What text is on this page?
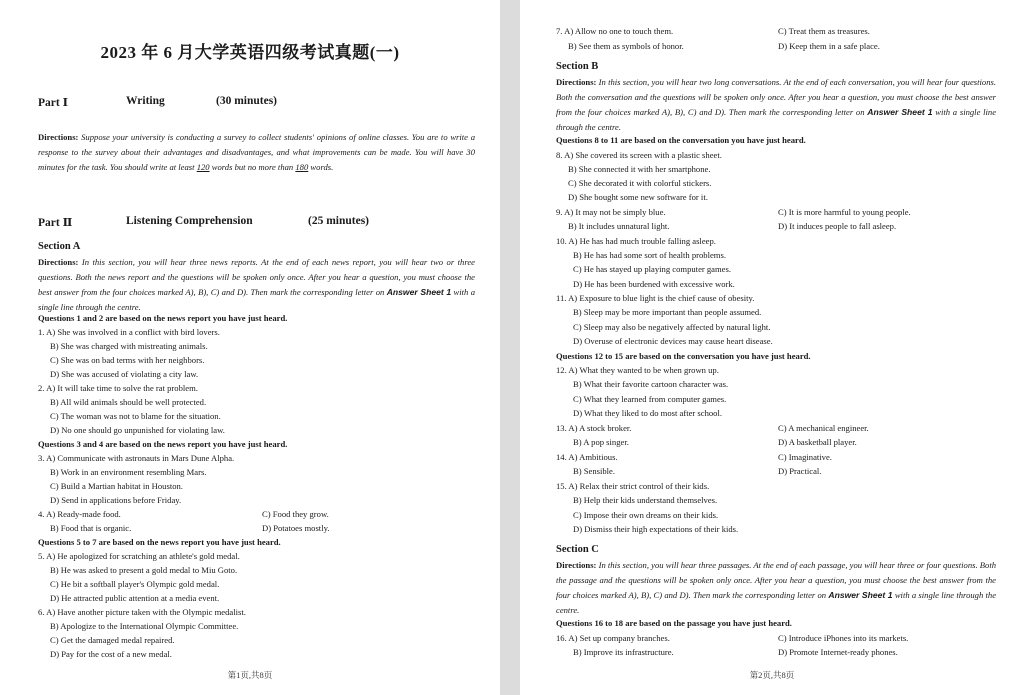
2023 年 6 月大学英语四级考试真题(一)
Part Ⅰ	Writing	(30 minutes)
Directions: Suppose your university is conducting a survey to collect students' opinions of online classes. You are to write a response to the survey about their advantages and disadvantages, and what improvements can be made. You will have 30 minutes for the task. You should write at least 120 words but no more than 180 words.
Part Ⅱ	Listening Comprehension	(25 minutes)
Section A
Directions: In this section, you will hear three news reports. At the end of each news report, you will hear two or three questions. Both the news report and the questions will be spoken only once. After you hear a question, you must choose the best answer from the four choices marked A), B), C) and D). Then mark the corresponding letter on Answer Sheet 1 with a single line through the centre.
Questions 1 and 2 are based on the news report you have just heard.
1. A) She was involved in a conflict with bird lovers.
B) She was charged with mistreating animals.
C) She was on bad terms with her neighbors.
D) She was accused of violating a city law.
2. A) It will take time to solve the rat problem.
B) All wild animals should be well protected.
C) The woman was not to blame for the situation.
D) No one should go unpunished for violating law.
Questions 3 and 4 are based on the news report you have just heard.
3. A) Communicate with astronauts in Mars Dune Alpha.
B) Work in an environment resembling Mars.
C) Build a Martian habitat in Houston.
D) Send in applications before Friday.
4. A) Ready-made food.	C) Food they grow.
B) Food that is organic.	D) Potatoes mostly.
Questions 5 to 7 are based on the news report you have just heard.
5. A) He apologized for scratching an athlete's gold medal.
B) He was asked to present a gold medal to Miu Goto.
C) He bit a softball player's Olympic gold medal.
D) He attracted public attention at a media event.
6. A) Have another picture taken with the Olympic medalist.
B) Apologize to the International Olympic Committee.
C) Get the damaged medal repaired.
D) Pay for the cost of a new medal.
第1页,共8页
7. A) Allow no one to touch them.	C) Treat them as treasures.
B) See them as symbols of honor.	D) Keep them in a safe place.
Section B
Directions: In this section, you will hear two long conversations. At the end of each conversation, you will hear four questions. Both the conversation and the questions will be spoken only once. After you hear a question, you must choose the best answer from the four choices marked A), B), C) and D). Then mark the corresponding letter on Answer Sheet 1 with a single line through the centre.
Questions 8 to 11 are based on the conversation you have just heard.
8. A) She covered its screen with a plastic sheet.
B) She connected it with her smartphone.
C) She decorated it with colorful stickers.
D) She bought some new software for it.
9. A) It may not be simply blue.	C) It is more harmful to young people.
B) It includes unnatural light.	D) It induces people to fall asleep.
10. A) He has had much trouble falling asleep.
B) He has had some sort of health problems.
C) He has stayed up playing computer games.
D) He has been burdened with excessive work.
11. A) Exposure to blue light is the chief cause of obesity.
B) Sleep may be more important than people assumed.
C) Sleep may also be negatively affected by natural light.
D) Overuse of electronic devices may cause heart disease.
Questions 12 to 15 are based on the conversation you have just heard.
12. A) What they wanted to be when grown up.
B) What their favorite cartoon character was.
C) What they learned from computer games.
D) What they liked to do most after school.
13. A) A stock broker.	C) A mechanical engineer.
B) A pop singer.	D) A basketball player.
14. A) Ambitious.	C) Imaginative.
B) Sensible.	D) Practical.
15. A) Relax their strict control of their kids.
B) Help their kids understand themselves.
C) Impose their own dreams on their kids.
D) Dismiss their high expectations of their kids.
Section C
Directions: In this section, you will hear three passages. At the end of each passage, you will hear three or four questions. Both the passage and the questions will be spoken only once. After you hear a question, you must choose the best answer from the four choices marked A), B), C) and D). Then mark the corresponding letter on Answer Sheet 1 with a single line through the centre.
Questions 16 to 18 are based on the passage you have just heard.
16. A) Set up company branches.	C) Introduce iPhones into its markets.
B) Improve its infrastructure.	D) Promote Internet-ready phones.
第2页,共8页
